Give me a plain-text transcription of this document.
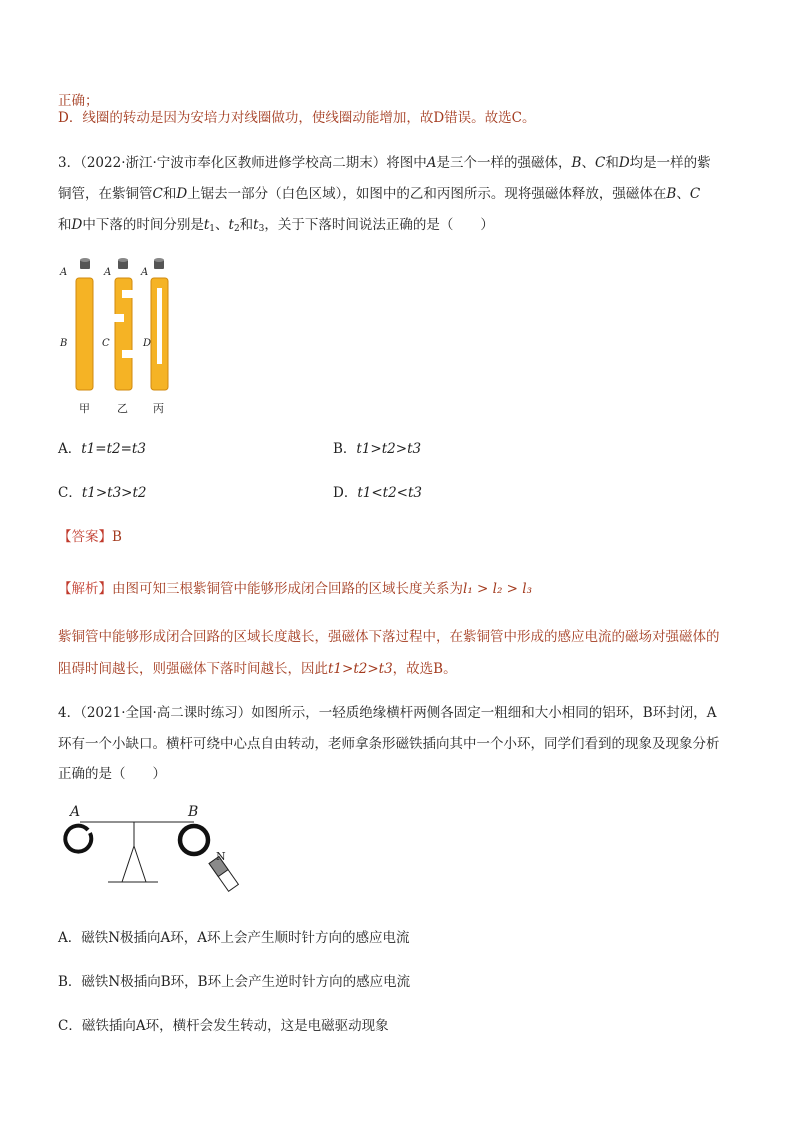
正确；
D．线圈的转动是因为安培力对线圈做功，使线圈动能增加，故D错误。故选C。
3．（2022·浙江·宁波市奉化区教师进修学校高二期末）将图中A是三个一样的强磁体，B、C和D均是一样的紫
铜管，在紫铜管C和D上锯去一部分（白色区域），如图中的乙和丙图所示。现将强磁体释放，强磁体在B、C
和D中下落的时间分别是$t_1$、$t_2$和$t_3$，关于下落时间说法正确的是（　　）
A	A	A
B	C	D
甲 乙 丙
A．t1=t2=t3	B．t1>t2>t3
C．t1>t3>t2	D．t1<t2<t3
【答案】B
【解析】由图可知三根紫铜管中能够形成闭合回路的区域长度关系为l₁ > l₂ > l₃
紫铜管中能够形成闭合回路的区域长度越长，强磁体下落过程中，在紫铜管中形成的感应电流的磁场对强磁体的
阻碍时间越长，则强磁体下落时间越长，因此t1>t2>t3，故选B。
4．（2021·全国·高二课时练习）如图所示，一轻质绝缘横杆两侧各固定一粗细和大小相同的铝环，B环封闭，A
环有一个小缺口。横杆可绕中心点自由转动，老师拿条形磁铁插向其中一个小环，同学们看到的现象及现象分析
正确的是（　　）
A	B
N
A．磁铁N极插向A环，A环上会产生顺时针方向的感应电流
B．磁铁N极插向B环，B环上会产生逆时针方向的感应电流
C．磁铁插向A环，横杆会发生转动，这是电磁驱动现象
